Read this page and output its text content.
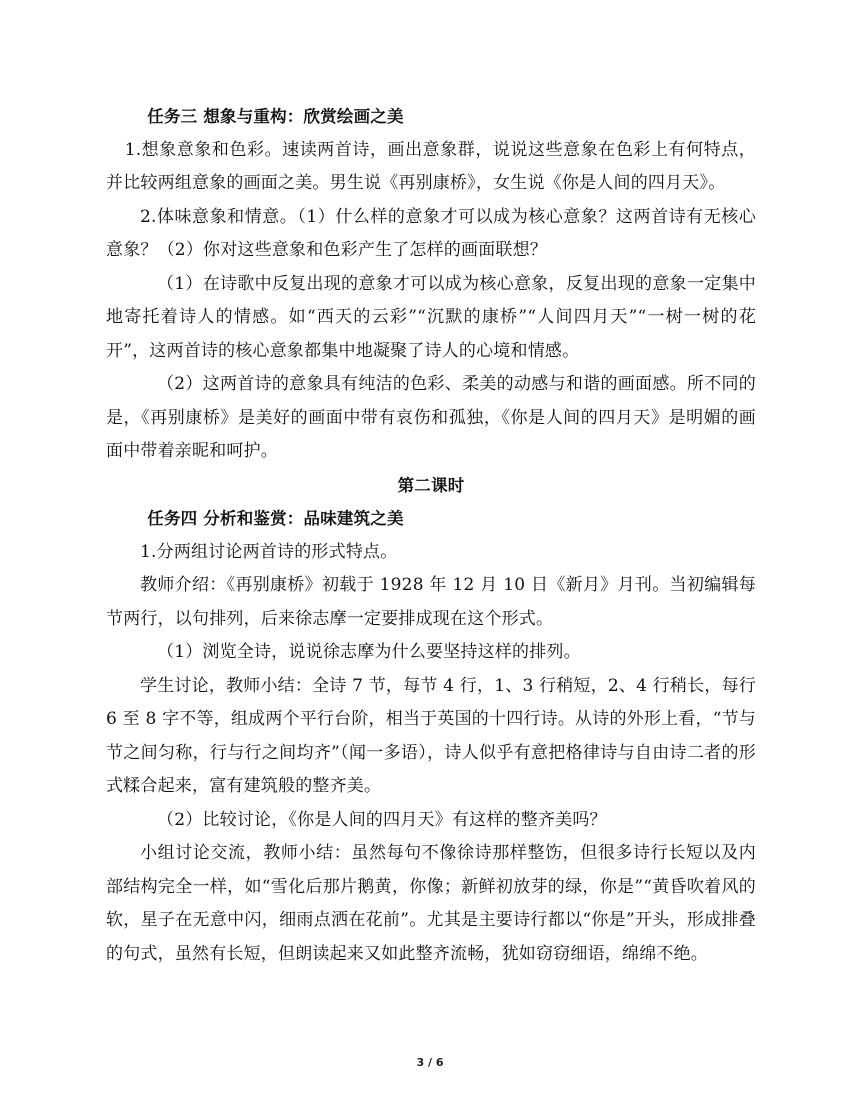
任务三 想象与重构：欣赏绘画之美

1.想象意象和色彩。速读两首诗，画出意象群，说说这些意象在色彩上有何特点，并比较两组意象的画面之美。男生说《再别康桥》，女生说《你是人间的四月天》。

2.体味意象和情意。（1）什么样的意象才可以成为核心意象？这两首诗有无核心意象？（2）你对这些意象和色彩产生了怎样的画面联想？

（1）在诗歌中反复出现的意象才可以成为核心意象，反复出现的意象一定集中地寄托着诗人的情感。如“西天的云彩”“沉默的康桥”“人间四月天”“一树一树的花开”，这两首诗的核心意象都集中地凝聚了诗人的心境和情感。

（2）这两首诗的意象具有纯洁的色彩、柔美的动感与和谐的画面感。所不同的是，《再别康桥》是美好的画面中带有哀伤和孤独，《你是人间的四月天》是明媚的画面中带着亲昵和呵护。

第二课时

任务四 分析和鉴赏：品味建筑之美

1.分两组讨论两首诗的形式特点。

教师介绍：《再别康桥》初载于 1928 年 12 月 10 日《新月》月刊。当初编辑每节两行，以句排列，后来徐志摩一定要排成现在这个形式。

（1）浏览全诗，说说徐志摩为什么要坚持这样的排列。

学生讨论，教师小结：全诗 7 节，每节 4 行，1、3 行稍短，2、4 行稍长，每行 6 至 8 字不等，组成两个平行台阶，相当于英国的十四行诗。从诗的外形上看，“节与节之间匀称，行与行之间均齐”（闻一多语），诗人似乎有意把格律诗与自由诗二者的形式糅合起来，富有建筑般的整齐美。

（2）比较讨论，《你是人间的四月天》有这样的整齐美吗？

小组讨论交流，教师小结：虽然每句不像徐诗那样整饬，但很多诗行长短以及内部结构完全一样，如“雪化后那片鹅黄，你像；新鲜初放芽的绿，你是”“黄昏吹着风的软，星子在无意中闪，细雨点洒在花前”。尤其是主要诗行都以“你是”开头，形成排叠的句式，虽然有长短，但朗读起来又如此整齐流畅，犹如窃窃细语，绵绵不绝。

3 / 6
